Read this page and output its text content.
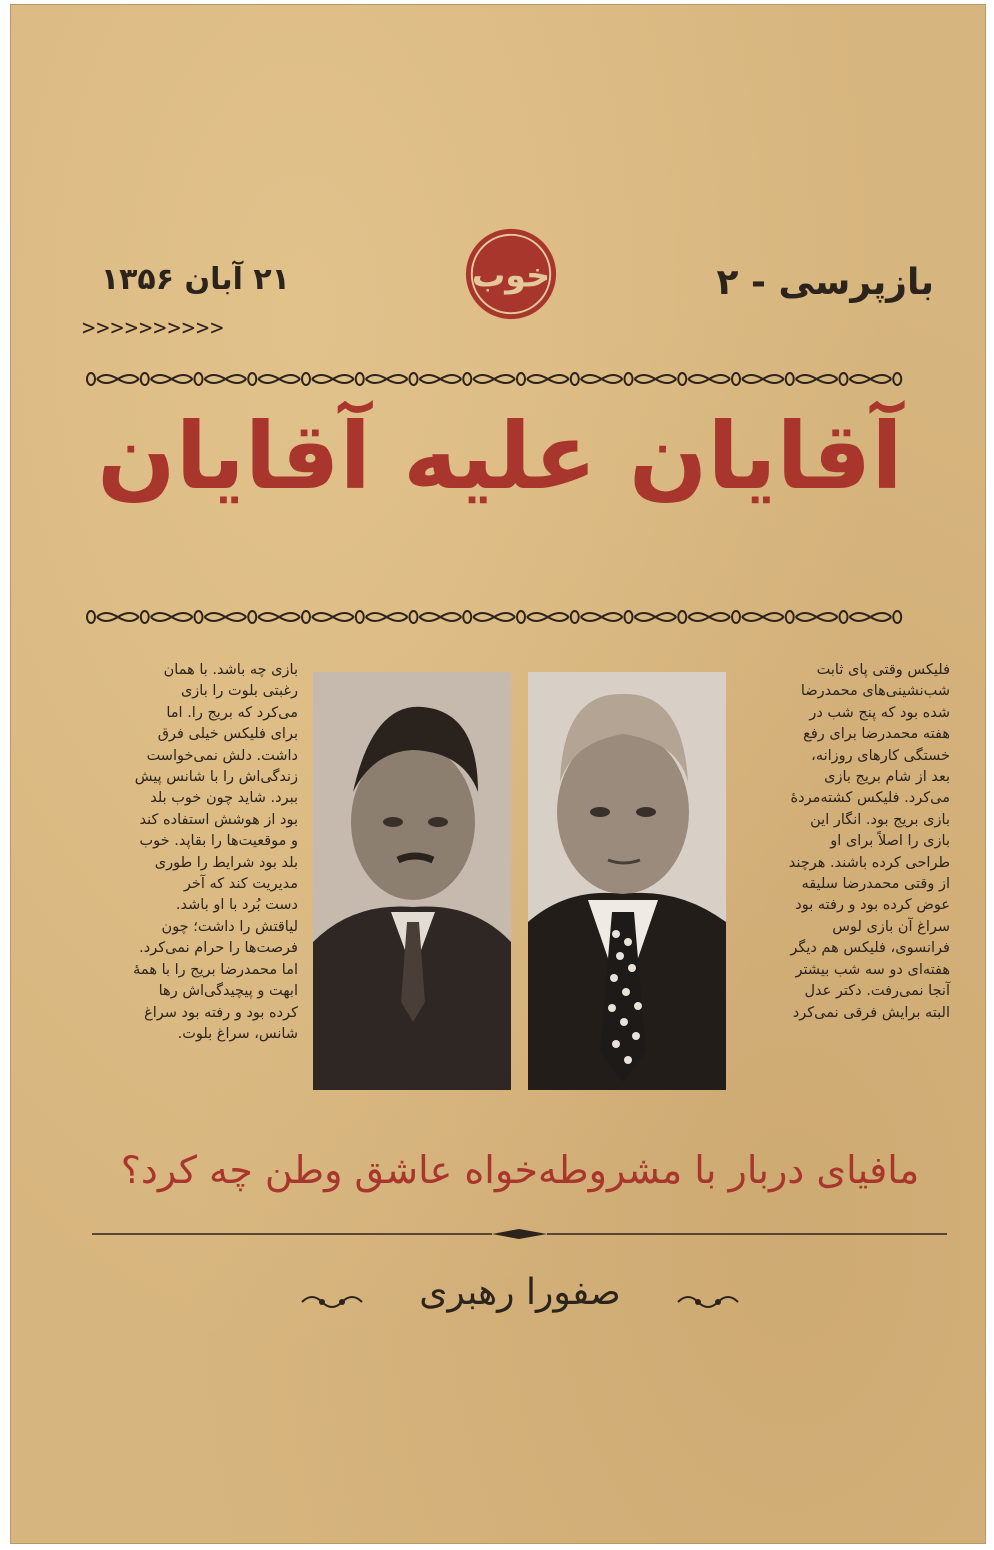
خوب	بازپرسی - ۲
۲۱ آبان ۱۳۵۶
>>>>>>>>>>
آقایان علیه آقایان

بازی چه باشد. با همان

رغبتی بلوت را بازی

می‌کرد که بریج را. اما

برای فلیکس خیلی فرق

داشت. دلش نمی‌خواست

زندگی‌اش را با شانس پیش

ببرد. شاید چون خوب بلد

بود از هوشش استفاده کند

و موقعیت‌ها را بقاپد. خوب

بلد بود شرایط را طوری

مدیریت کند که آخر

دست بُرد با او باشد.

لیاقتش را داشت؛ چون

فرصت‌ها را حرام نمی‌کرد.

اما محمدرضا بریج را با همهٔ

ابهت و پیچیدگی‌اش رها

کرده بود و رفته بود سراغ

شانس، سراغ بلوت.

فلیکس وقتی پای ثابت

شب‌نشینی‌های محمدرضا

شده بود که پنج شب در

هفته محمدرضا برای رفع

خستگی کارهای روزانه،

بعد از شام بریج بازی

می‌کرد. فلیکس کشته‌مردهٔ

بازی بریج بود. انگار این

بازی را اصلاً برای او

طراحی کرده باشند. هرچند

از وقتی محمدرضا سلیقه

عوض کرده بود و رفته بود

سراغ آن بازی لوس

فرانسوی، فلیکس هم دیگر

هفته‌ای دو سه شب بیشتر

آنجا نمی‌رفت. دکتر عدل

البته برایش فرقی نمی‌کرد

مافیای دربار با مشروطه‌خواه عاشق وطن چه کرد؟
صفورا رهبری
